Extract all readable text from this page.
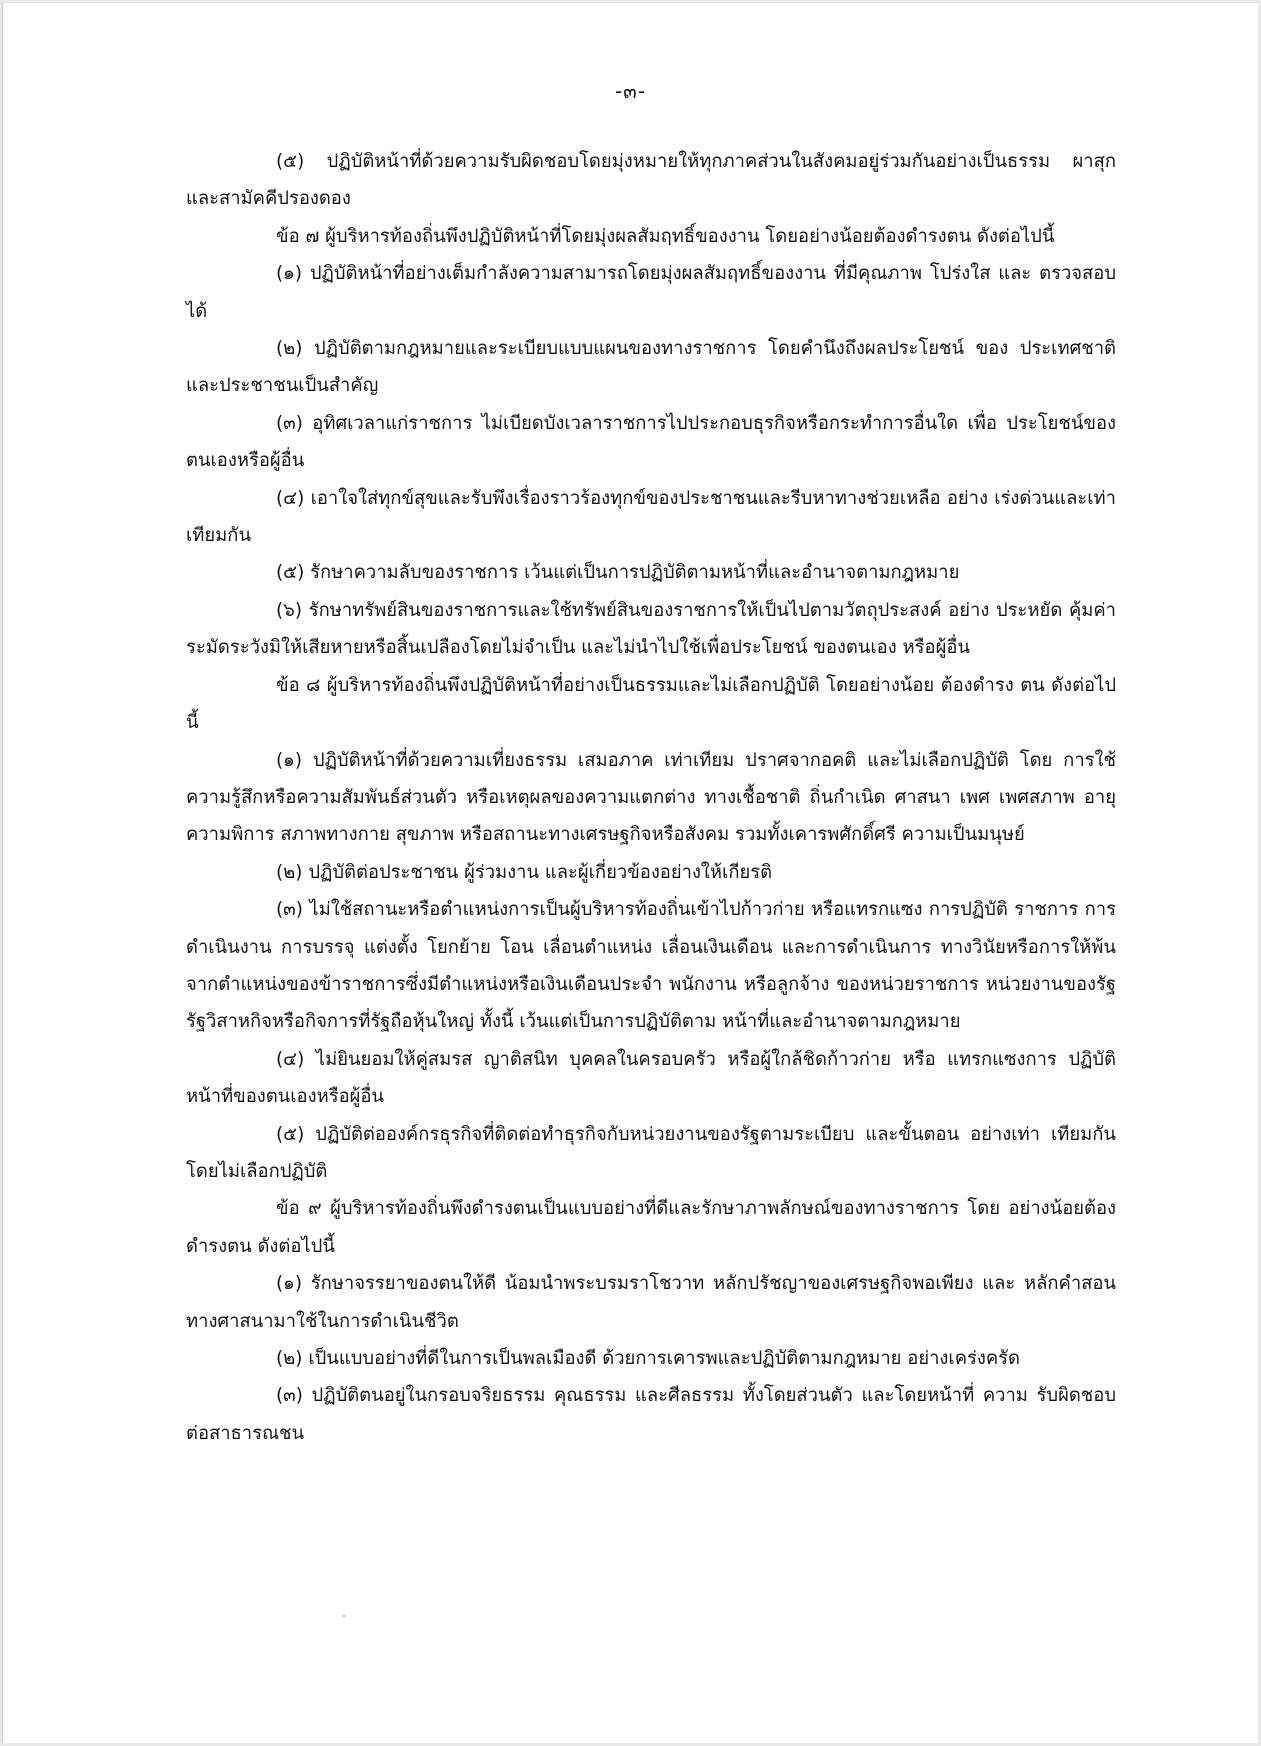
-๓-

(๕) ปฏิบัติหน้าที่ด้วยความรับผิดชอบโดยมุ่งหมายให้ทุกภาคส่วนในสังคมอยู่ร่วมกันอย่างเป็นธรรม ผาสุก และสามัคคีปรองดอง

ข้อ ๗ ผู้บริหารท้องถิ่นพึงปฏิบัติหน้าที่โดยมุ่งผลสัมฤทธิ์ของงาน โดยอย่างน้อยต้องดำรงตน ดังต่อไปนี้

(๑) ปฏิบัติหน้าที่อย่างเต็มกำลังความสามารถโดยมุ่งผลสัมฤทธิ์ของงาน ที่มีคุณภาพ โปร่งใส และ ตรวจสอบได้

(๒) ปฏิบัติตามกฎหมายและระเบียบแบบแผนของทางราชการ โดยคำนึงถึงผลประโยชน์ ของ ประเทศชาติและประชาชนเป็นสำคัญ

(๓) อุทิศเวลาแก่ราชการ ไม่เบียดบังเวลาราชการไปประกอบธุรกิจหรือกระทำการอื่นใด เพื่อ ประโยชน์ของตนเองหรือผู้อื่น

(๔) เอาใจใส่ทุกข์สุขและรับพึงเรื่องราวร้องทุกข์ของประชาชนและรีบหาทางช่วยเหลือ อย่าง เร่งด่วนและเท่าเทียมกัน

(๕) รักษาความลับของราชการ เว้นแต่เป็นการปฏิบัติตามหน้าที่และอำนาจตามกฎหมาย

(๖) รักษาทรัพย์สินของราชการและใช้ทรัพย์สินของราชการให้เป็นไปตามวัตถุประสงค์ อย่าง ประหยัด คุ้มค่า ระมัดระวังมิให้เสียหายหรือสิ้นเปลืองโดยไม่จำเป็น และไม่นำไปใช้เพื่อประโยชน์ ของตนเอง หรือผู้อื่น

ข้อ ๘ ผู้บริหารท้องถิ่นพึงปฏิบัติหน้าที่อย่างเป็นธรรมและไม่เลือกปฏิบัติ โดยอย่างน้อย ต้องดำรง ตน ดังต่อไปนี้

(๑) ปฏิบัติหน้าที่ด้วยความเที่ยงธรรม เสมอภาค เท่าเทียม ปราศจากอคติ และไม่เลือกปฏิบัติ โดย การใช้ความรู้สึกหรือความสัมพันธ์ส่วนตัว หรือเหตุผลของความแตกต่าง ทางเชื้อชาติ ถิ่นกำเนิด ศาสนา เพศ เพศสภาพ อายุ ความพิการ สภาพทางกาย สุขภาพ หรือสถานะทางเศรษฐกิจหรือสังคม รวมทั้งเคารพศักดิ์ศรี ความเป็นมนุษย์

(๒) ปฏิบัติต่อประชาชน ผู้ร่วมงาน และผู้เกี่ยวข้องอย่างให้เกียรติ

(๓) ไม่ใช้สถานะหรือตำแหน่งการเป็นผู้บริหารท้องถิ่นเข้าไปก้าวก่าย หรือแทรกแซง การปฏิบัติ ราชการ การดำเนินงาน การบรรจุ แต่งตั้ง โยกย้าย โอน เลื่อนตำแหน่ง เลื่อนเงินเดือน และการดำเนินการ ทางวินัยหรือการให้พ้นจากตำแหน่งของข้าราชการซึ่งมีตำแหน่งหรือเงินเดือนประจำ พนักงาน หรือลูกจ้าง ของหน่วยราชการ หน่วยงานของรัฐ รัฐวิสาหกิจหรือกิจการที่รัฐถือหุ้นใหญ่ ทั้งนี้ เว้นแต่เป็นการปฏิบัติตาม หน้าที่และอำนาจตามกฎหมาย

(๔) ไม่ยินยอมให้คู่สมรส ญาติสนิท บุคคลในครอบครัว หรือผู้ใกล้ชิดก้าวก่าย หรือ แทรกแซงการ ปฏิบัติหน้าที่ของตนเองหรือผู้อื่น

(๕) ปฏิบัติต่อองค์กรธุรกิจที่ติดต่อทำธุรกิจกับหน่วยงานของรัฐตามระเบียบ และขั้นตอน อย่างเท่า เทียมกัน โดยไม่เลือกปฏิบัติ

ข้อ ๙ ผู้บริหารท้องถิ่นพึงดำรงตนเป็นแบบอย่างที่ดีและรักษาภาพลักษณ์ของทางราชการ โดย อย่างน้อยต้องดำรงตน ดังต่อไปนี้

(๑) รักษาจรรยาของตนให้ดี น้อมนำพระบรมราโชวาท หลักปรัชญาของเศรษฐกิจพอเพียง และ หลักคำสอนทางศาสนามาใช้ในการดำเนินชีวิต

(๒) เป็นแบบอย่างที่ดีในการเป็นพลเมืองดี ด้วยการเคารพและปฏิบัติตามกฎหมาย อย่างเคร่งครัด

(๓) ปฏิบัติตนอยู่ในกรอบจริยธรรม คุณธรรม และศีลธรรม ทั้งโดยส่วนตัว และโดยหน้าที่ ความ รับผิดชอบต่อสาธารณชน
